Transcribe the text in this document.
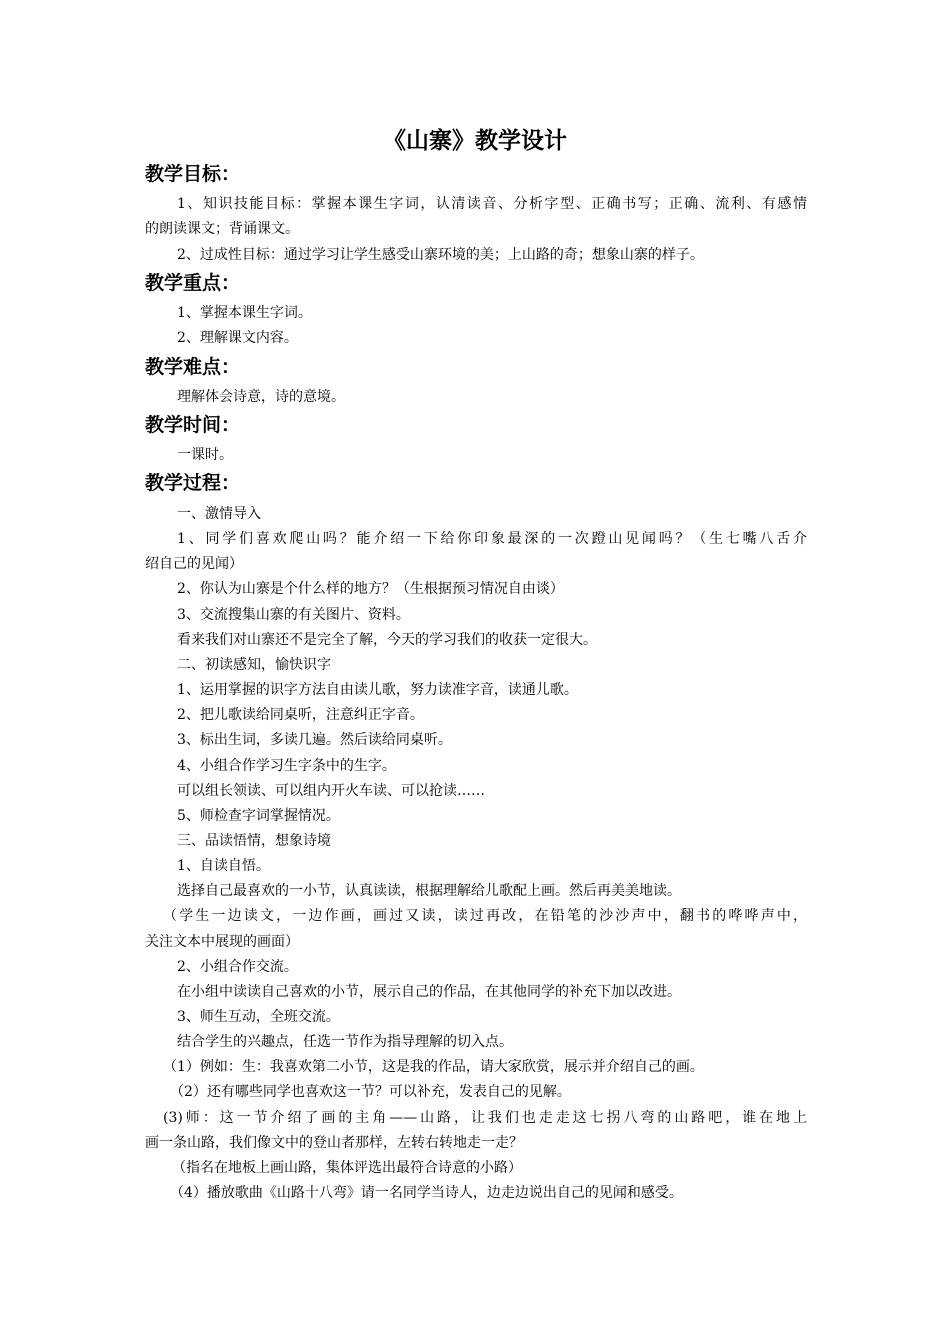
《山寨》教学设计
教学目标：
1、知识技能目标：掌握本课生字词，认清读音、分析字型、正确书写；正确、流利、有感情
的朗读课文；背诵课文。
2、过成性目标：通过学习让学生感受山寨环境的美；上山路的奇；想象山寨的样子。
教学重点：
1、掌握本课生字词。
2、理解课文内容。
教学难点：
理解体会诗意，诗的意境。
教学时间：
一课时。
教学过程：
一、激情导入
1、同学们喜欢爬山吗？能介绍一下给你印象最深的一次蹬山见闻吗？（生七嘴八舌介
绍自己的见闻）
2、你认为山寨是个什么样的地方？（生根据预习情况自由谈）
3、交流搜集山寨的有关图片、资料。
看来我们对山寨还不是完全了解，今天的学习我们的收获一定很大。
二、初读感知，愉快识字
1、运用掌握的识字方法自由读儿歌，努力读准字音，读通儿歌。
2、把儿歌读给同桌听，注意纠正字音。
3、标出生词，多读几遍。然后读给同桌听。
4、小组合作学习生字条中的生字。
可以组长领读、可以组内开火车读、可以抢读……
5、师检查字词掌握情况。
三、品读悟情，想象诗境
1、自读自悟。
选择自己最喜欢的一小节，认真读读，根据理解给儿歌配上画。然后再美美地读。
（学生一边读文，一边作画，画过又读，读过再改，在铅笔的沙沙声中，翻书的哗哗声中，
关注文本中展现的画面）
2、小组合作交流。
在小组中读读自己喜欢的小节，展示自己的作品，在其他同学的补充下加以改进。
3、师生互动，全班交流。
结合学生的兴趣点，任选一节作为指导理解的切入点。
（1）例如：生：我喜欢第二小节，这是我的作品，请大家欣赏，展示并介绍自己的画。
（2）还有哪些同学也喜欢这一节？可以补充，发表自己的见解。
(3)师：这一节介绍了画的主角——山路，让我们也走走这七拐八弯的山路吧，谁在地上
画一条山路，我们像文中的登山者那样，左转右转地走一走？
（指名在地板上画山路，集体评选出最符合诗意的小路）
（4）播放歌曲《山路十八弯》请一名同学当诗人，边走边说出自己的见闻和感受。
